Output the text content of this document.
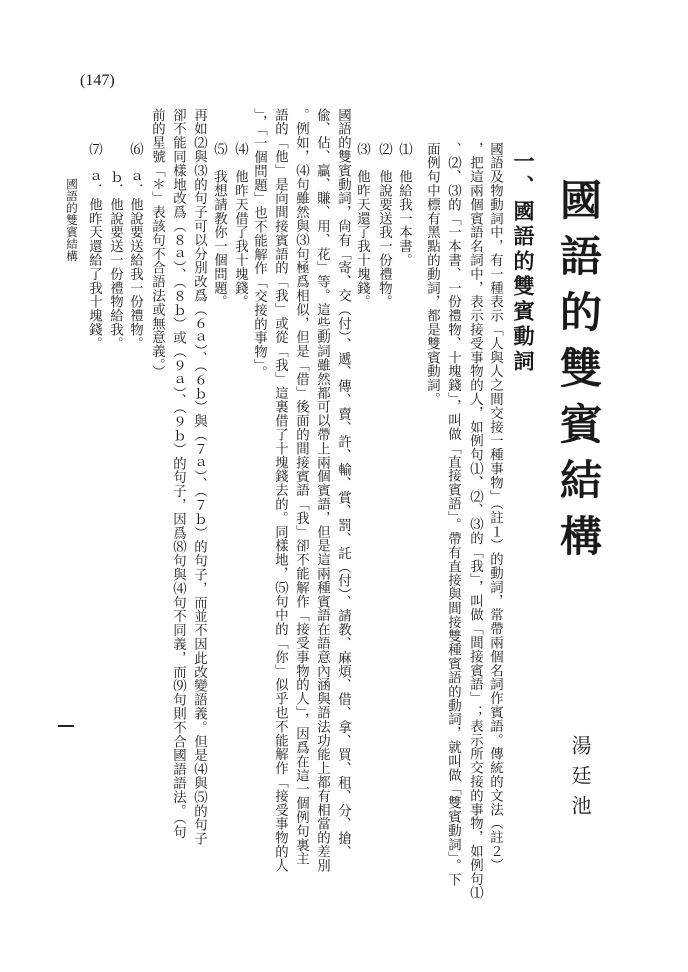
(147)
國語的雙賓結構
湯廷池
一、國語的雙賓動詞
國語及物動詞中，有一種表示「人與人之間交接一種事物」（註１）的動詞，常帶兩個名詞作賓語。傳統的文法（註２）
，把這兩個賓語名詞中，表示接受事物的人，如例句⑴、⑵、⑶的「我」，叫做「間接賓語」；表示所交接的事物，如例句⑴
、⑵、⑶的「一本書、一份禮物、十塊錢」，叫做「直接賓語」。帶有直接與間接雙種賓語的動詞，就叫做「雙賓動詞」。下
面例句中標有黑點的動詞，都是雙賓動詞。
⑴　他給我一本書。
⑵　他說要送我一份禮物。
⑶　他昨天還了我十塊錢。
國語的雙賓動詞，尙有「寄、交（付）、遞、傳、賣、許、輸、賞、罰、託（付）、請教、麻煩、借、拿、買、租、分、搶、
偸、佔、贏、賺、用、花」等。這些動詞雖然都可以帶上兩個賓語，但是這兩種賓語在語意內涵與語法功能上都有相當的差別
。例如，⑷句雖然與⑶句極爲相似，但是「借」後面的間接賓語「我」卻不能解作「接受事物的人」，因爲在這一個例句裏主
語的「他」是向間接賓語的「我」或從「我」這裏借了十塊錢去的。同樣地，⑸句中的「你」似乎也不能解作「接受事物的人
」，「一個問題」也不能解作「交接的事物」。
⑷　他昨天借了我十塊錢。
⑸　我想請教你一個問題。
再如⑵與⑶的句子可以分別改爲（６ａ）、（６ｂ）與（７ａ）、（７ｂ）的句子，而並不因此改變語義。但是⑷與⑸的句子
卻不能同樣地改爲（８ａ）、（８ｂ）或（９ａ）、（９ｂ）的句子，因爲⑻句與⑷句不同義，而⑼句則不合國語語法。（句
前的星號「＊」表該句不合語法或無意義。）
⑹　ａ．他說要送給我一份禮物。
　　ｂ．他說要送一份禮物給我。
⑺　ａ．他昨天還給了我十塊錢。
國語的雙賓結構
